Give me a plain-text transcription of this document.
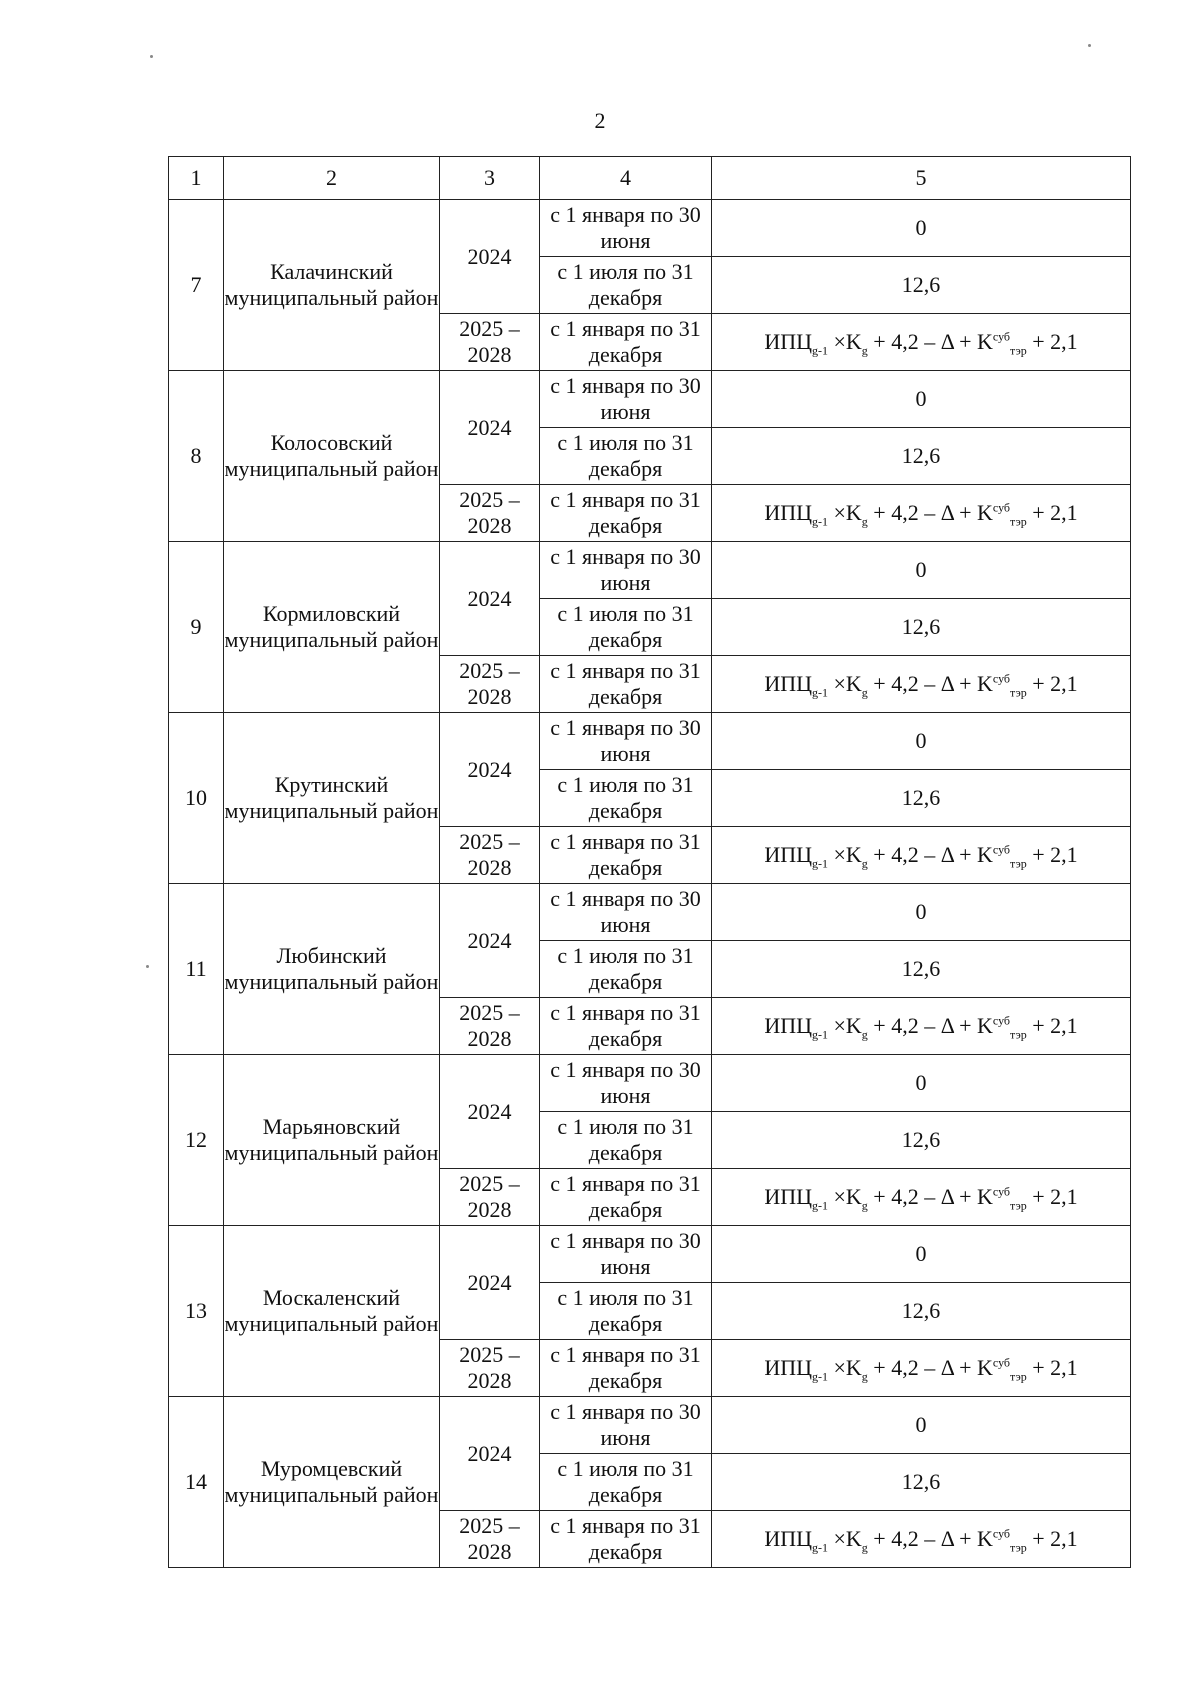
2
1	2	3	4	5
7	Калачинский муниципальный район	2024	с 1 января по 30 июня	0
			с 1 июля по 31 декабря	12,6
		2025 – 2028	с 1 января по 31 декабря	$ИПЦ_{g-1} \times K_g + 4,2 - \Delta + K^{суб}_{тэр} + 2,1$
8	Колосовский муниципальный район	2024	с 1 января по 30 июня	0
			с 1 июля по 31 декабря	12,6
		2025 – 2028	с 1 января по 31 декабря	$ИПЦ_{g-1} \times K_g + 4,2 - \Delta + K^{суб}_{тэр} + 2,1$
9	Кормиловский муниципальный район	2024	с 1 января по 30 июня	0
			с 1 июля по 31 декабря	12,6
		2025 – 2028	с 1 января по 31 декабря	$ИПЦ_{g-1} \times K_g + 4,2 - \Delta + K^{суб}_{тэр} + 2,1$
10	Крутинский муниципальный район	2024	с 1 января по 30 июня	0
			с 1 июля по 31 декабря	12,6
		2025 – 2028	с 1 января по 31 декабря	$ИПЦ_{g-1} \times K_g + 4,2 - \Delta + K^{суб}_{тэр} + 2,1$
11	Любинский муниципальный район	2024	с 1 января по 30 июня	0
			с 1 июля по 31 декабря	12,6
		2025 – 2028	с 1 января по 31 декабря	$ИПЦ_{g-1} \times K_g + 4,2 - \Delta + K^{суб}_{тэр} + 2,1$
12	Марьяновский муниципальный район	2024	с 1 января по 30 июня	0
			с 1 июля по 31 декабря	12,6
		2025 – 2028	с 1 января по 31 декабря	$ИПЦ_{g-1} \times K_g + 4,2 - \Delta + K^{суб}_{тэр} + 2,1$
13	Москаленский муниципальный район	2024	с 1 января по 30 июня	0
			с 1 июля по 31 декабря	12,6
		2025 – 2028	с 1 января по 31 декабря	$ИПЦ_{g-1} \times K_g + 4,2 - \Delta + K^{суб}_{тэр} + 2,1$
14	Муромцевский муниципальный район	2024	с 1 января по 30 июня	0
			с 1 июля по 31 декабря	12,6
		2025 – 2028	с 1 января по 31 декабря	$ИПЦ_{g-1} \times K_g + 4,2 - \Delta + K^{суб}_{тэр} + 2,1$
